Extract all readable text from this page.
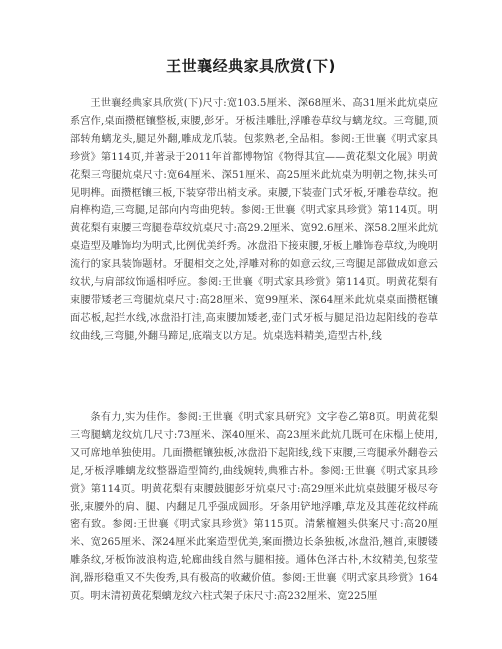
王世襄经典家具欣赏(下)

王世襄经典家具欣赏(下)尺寸:宽103.5厘米、深68厘米、高31厘米此炕桌应系宫作,桌面攒框镶整板,束腰,彭牙。牙板洼雕肚,浮雕卷草纹与螭龙纹。三弯腿,顶部转角螭龙头,腿足外翻,雕成龙爪装。包浆熟老,全品相。参阅:王世襄《明式家具珍赏》第114页,并著录于2011年首都博物馆《物得其宜——黄花梨文化展》明黄花梨三弯腿炕桌尺寸:宽64厘米、深51厘米、高25厘米此炕桌为明朝之物,抹头可见明榫。面攒框镶三板,下装穿带出梢支承。束腰,下装壶门式牙板,牙雕卷草纹。抱肩榫构造,三弯腿,足部向内弯曲兜转。参阅:王世襄《明式家具珍赏》第114页。明黄花梨有束腰三弯腿卷草纹炕桌尺寸:高29.2厘米、宽92.6厘米、深58.2厘米此炕桌造型及雕饰均为明式,比例优美纤秀。冰盘沿下接束腰,牙板上雕饰卷草纹,为晚明流行的家具装饰题材。牙腿相交之处,浮雕对称的如意云纹,三弯腿足部做成如意云纹状,与肩部纹饰遥相呼应。参阅:王世襄《明式家具珍赏》第114页。明黄花梨有束腰带矮老三弯腿炕桌尺寸:高28厘米、宽99厘米、深64厘米此炕桌桌面攒框镶面芯板,起拦水线,冰盘沿打洼,高束腰加矮老,壶门式牙板与腿足沿边起阳线的卷草纹曲线,三弯腿,外翻马蹄足,底端支以方足。炕桌选料精美,造型古朴,线

条有力,实为佳作。参阅:王世襄《明式家具研究》文字卷乙第8页。明黄花梨三弯腿螭龙纹炕几尺寸:73厘米、深40厘米、高23厘米此炕几既可在床榻上使用,又可席地单独使用。几面攒框镶独板,冰盘沿下起阳线,线下束腰,三弯腿承外翻卷云足,牙板浮雕螭龙纹整器造型简约,曲线婉转,典雅古朴。参阅:王世襄《明式家具珍赏》第114页。明黄花梨有束腰鼓腿彭牙炕桌尺寸:高29厘米此炕桌鼓腿牙极尽夸张,束腰外的肩、腿、内翻足几乎强成圆形。牙条用铲地浮雕,草龙及其莲花纹样疏密有致。参阅:王世襄《明式家具珍赏》第115页。清紫檀翘头供案尺寸:高20厘米、宽265厘米、深24厘米此案造型优美,案面攒边长条独板,冰盘沿,翘首,束腰镂雕条纹,牙板饰波浪构造,轮廊曲线自然与腿相接。通体色泽古朴,木纹精美,包浆莹润,器形稳重又不失俊秀,具有极高的收藏价值。参阅:王世襄《明式家具珍赏》164页。明末清初黄花梨螭龙纹六柱式架子床尺寸:高232厘米、宽225厘
